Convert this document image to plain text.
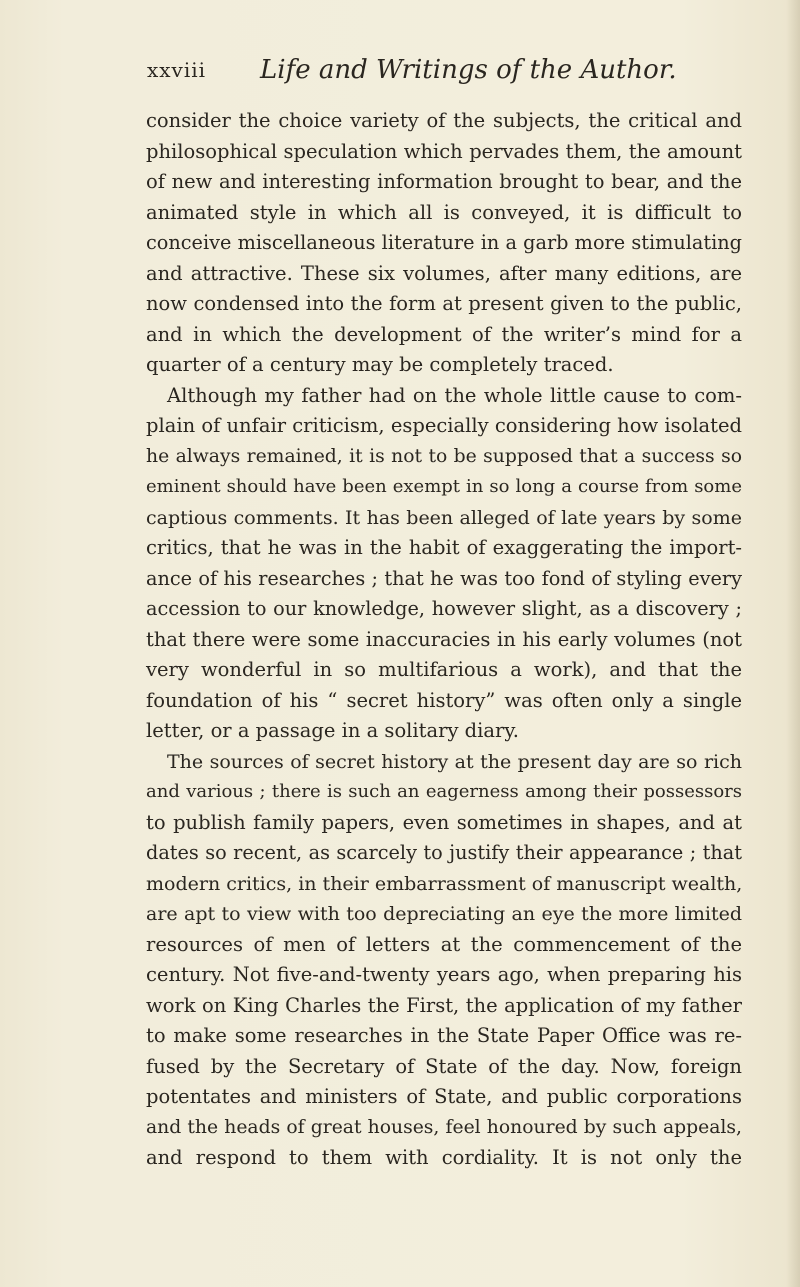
xxviii Life and Writings of the Author.
consider the choice variety of the subjects, the critical and
philosophical speculation which pervades them, the amount
of new and interesting information brought to bear, and the
animated style in which all is conveyed, it is difficult to
conceive miscellaneous literature in a garb more stimulating
and attractive. These six volumes, after many editions, are
now condensed into the form at present given to the public,
and in which the development of the writer’s mind for a
quarter of a century may be completely traced.
Although my father had on the whole little cause to com-
plain of unfair criticism, especially considering how isolated
he always remained, it is not to be supposed that a success so
eminent should have been exempt in so long a course from some
captious comments. It has been alleged of late years by some
critics, that he was in the habit of exaggerating the import-
ance of his researches ; that he was too fond of styling every
accession to our knowledge, however slight, as a discovery ;
that there were some inaccuracies in his early volumes (not
very wonderful in so multifarious a work), and that the
foundation of his “ secret history” was often only a single
letter, or a passage in a solitary diary.
The sources of secret history at the present day are so rich
and various ; there is such an eagerness among their possessors
to publish family papers, even sometimes in shapes, and at
dates so recent, as scarcely to justify their appearance ; that
modern critics, in their embarrassment of manuscript wealth,
are apt to view with too depreciating an eye the more limited
resources of men of letters at the commencement of the
century. Not five-and-twenty years ago, when preparing his
work on King Charles the First, the application of my father
to make some researches in the State Paper Office was re-
fused by the Secretary of State of the day. Now, foreign
potentates and ministers of State, and public corporations
and the heads of great houses, feel honoured by such appeals,
and respond to them with cordiality. It is not only the
